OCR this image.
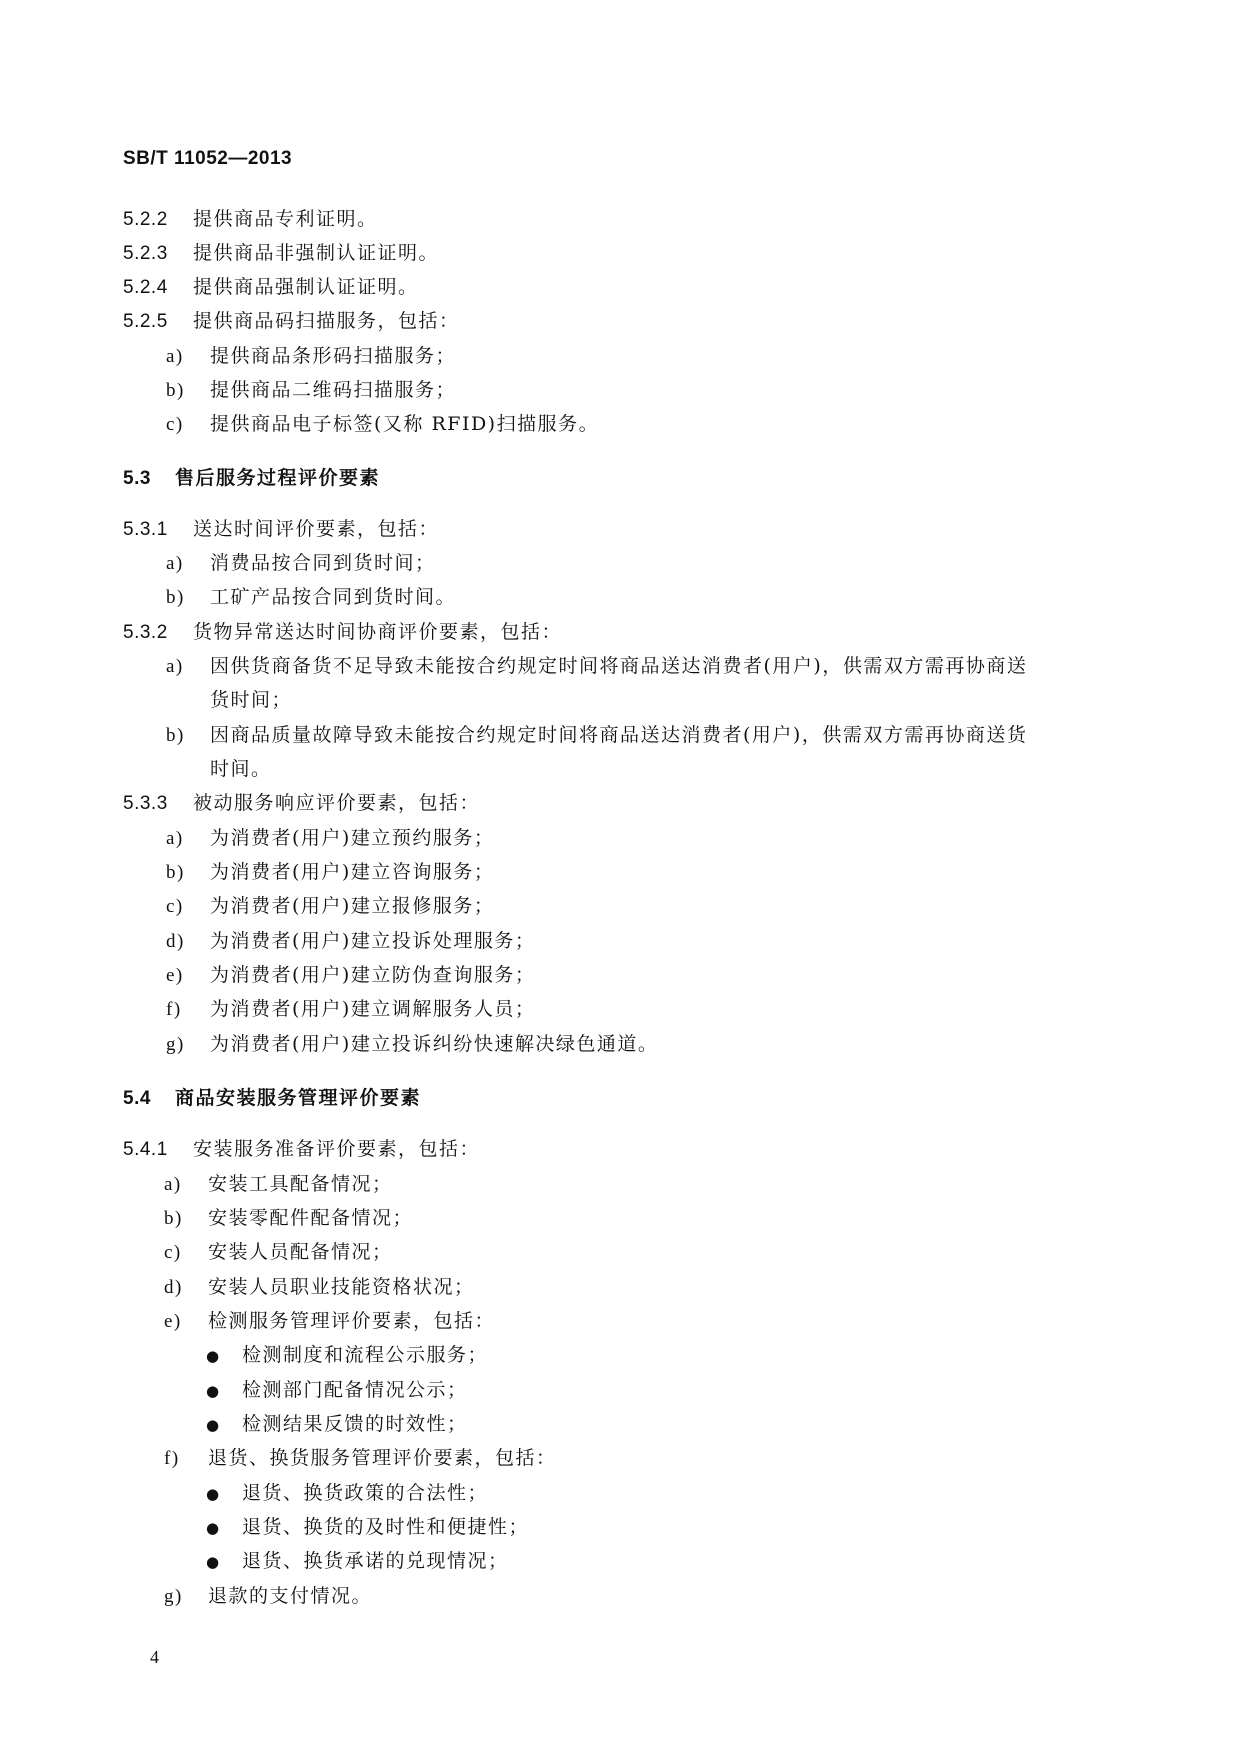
SB/T 11052—2013
5.2.2 提供商品专利证明。
5.2.3 提供商品非强制认证证明。
5.2.4 提供商品强制认证证明。
5.2.5 提供商品码扫描服务，包括：
a) 提供商品条形码扫描服务；
b) 提供商品二维码扫描服务；
c) 提供商品电子标签(又称 RFID)扫描服务。
5.3 售后服务过程评价要素
5.3.1 送达时间评价要素，包括：
a) 消费品按合同到货时间；
b) 工矿产品按合同到货时间。
5.3.2 货物异常送达时间协商评价要素，包括：
a) 因供货商备货不足导致未能按合约规定时间将商品送达消费者(用户)，供需双方需再协商送
货时间；
b) 因商品质量故障导致未能按合约规定时间将商品送达消费者(用户)，供需双方需再协商送货
时间。
5.3.3 被动服务响应评价要素，包括：
a) 为消费者(用户)建立预约服务；
b) 为消费者(用户)建立咨询服务；
c) 为消费者(用户)建立报修服务；
d) 为消费者(用户)建立投诉处理服务；
e) 为消费者(用户)建立防伪查询服务；
f) 为消费者(用户)建立调解服务人员；
g) 为消费者(用户)建立投诉纠纷快速解决绿色通道。
5.4 商品安装服务管理评价要素
5.4.1 安装服务准备评价要素，包括：
a) 安装工具配备情况；
b) 安装零配件配备情况；
c) 安装人员配备情况；
d) 安装人员职业技能资格状况；
e) 检测服务管理评价要素，包括：
● 检测制度和流程公示服务；
● 检测部门配备情况公示；
● 检测结果反馈的时效性；
f) 退货、换货服务管理评价要素，包括：
● 退货、换货政策的合法性；
● 退货、换货的及时性和便捷性；
● 退货、换货承诺的兑现情况；
g) 退款的支付情况。
4
